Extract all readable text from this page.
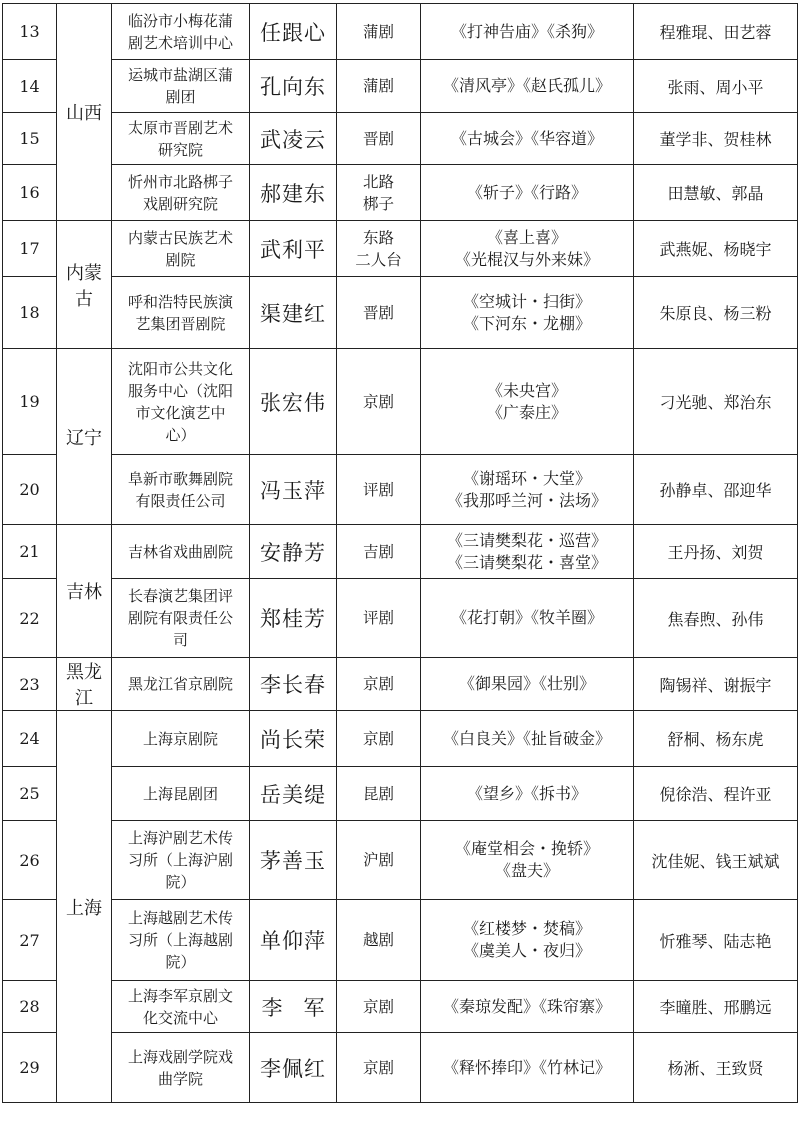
13	山西	临汾市小梅花蒲
剧艺术培训中心	任跟心	蒲剧	《打神告庙》《杀狗》	程雅琨、田艺蓉
14		运城市盐湖区蒲
剧团	孔向东	蒲剧	《清风亭》《赵氏孤儿》	张雨、周小平
15		太原市晋剧艺术
研究院	武凌云	晋剧	《古城会》《华容道》	董学非、贺桂林
16		忻州市北路梆子
戏剧研究院	郝建东	北路
梆子	《斩子》《行路》	田慧敏、郭晶
17	内蒙
古	内蒙古民族艺术
剧院	武利平	东路
二人台	《喜上喜》
《光棍汉与外来妹》	武燕妮、杨晓宇
18		呼和浩特民族演
艺集团晋剧院	渠建红	晋剧	《空城计・扫街》
《下河东・龙棚》	朱原良、杨三粉
19	辽宁	沈阳市公共文化
服务中心（沈阳
市文化演艺中
心）	张宏伟	京剧	《未央宫》
《广泰庄》	刁光驰、郑治东
20		阜新市歌舞剧院
有限责任公司	冯玉萍	评剧	《谢瑶环・大堂》
《我那呼兰河・法场》	孙静卓、邵迎华
21	吉林	吉林省戏曲剧院	安静芳	吉剧	《三请樊梨花・巡营》
《三请樊梨花・喜堂》	王丹扬、刘贺
22		长春演艺集团评
剧院有限责任公
司	郑桂芳	评剧	《花打朝》《牧羊圈》	焦春煦、孙伟
23	黑龙
江	黑龙江省京剧院	李长春	京剧	《御果园》《壮别》	陶锡祥、谢振宇
24	上海	上海京剧院	尚长荣	京剧	《白良关》《扯旨破金》	舒桐、杨东虎
25		上海昆剧团	岳美缇	昆剧	《望乡》《拆书》	倪徐浩、程许亚
26		上海沪剧艺术传
习所（上海沪剧
院）	茅善玉	沪剧	《庵堂相会・挽轿》
《盘夫》	沈佳妮、钱王斌斌
27		上海越剧艺术传
习所（上海越剧
院）	单仰萍	越剧	《红楼梦・焚稿》
《虞美人・夜归》	忻雅琴、陆志艳
28		上海李军京剧文
化交流中心	李　军	京剧	《秦琼发配》《珠帘寨》	李曈胜、邢鹏远
29		上海戏剧学院戏
曲学院	李佩红	京剧	《释怀捧印》《竹林记》	杨淅、王致贤
